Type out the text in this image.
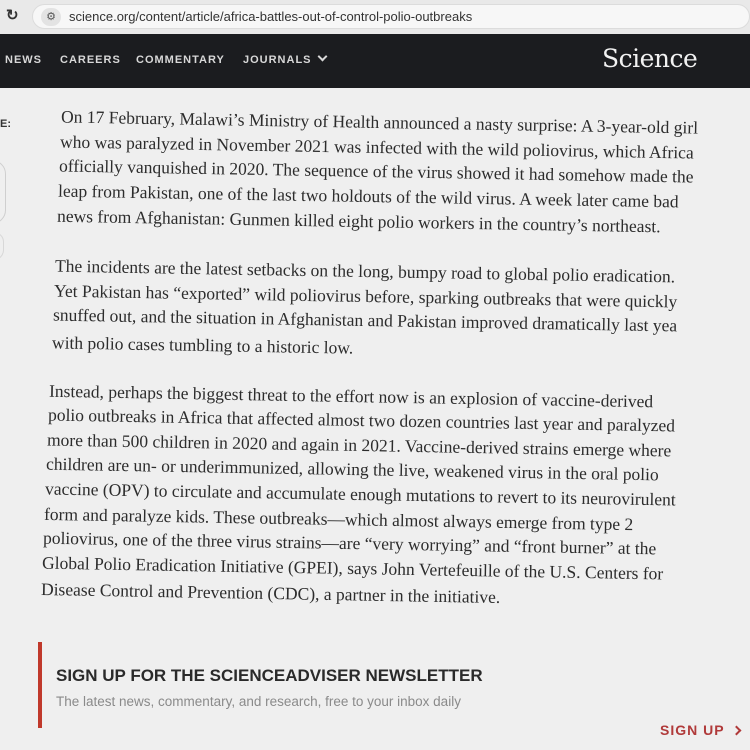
↻	⚙	science.org/content/article/africa-battles-out-of-control-polio-outbreaks
NEWS CAREERS COMMENTARY JOURNALS	Science
E:	On 17 February, Malawi’s Ministry of Health announced a nasty surprise: A 3-year-old girl
who was paralyzed in November 2021 was infected with the wild poliovirus, which Africa
officially vanquished in 2020. The sequence of the virus showed it had somehow made the
leap from Pakistan, one of the last two holdouts of the wild virus. A week later came bad
news from Afghanistan: Gunmen killed eight polio workers in the country’s northeast.
The incidents are the latest setbacks on the long, bumpy road to global polio eradication.
Yet Pakistan has “exported” wild poliovirus before, sparking outbreaks that were quickly
snuffed out, and the situation in Afghanistan and Pakistan improved dramatically last yea
with polio cases tumbling to a historic low.
Instead, perhaps the biggest threat to the effort now is an explosion of vaccine-derived
polio outbreaks in Africa that affected almost two dozen countries last year and paralyzed
more than 500 children in 2020 and again in 2021. Vaccine-derived strains emerge where
children are un- or underimmunized, allowing the live, weakened virus in the oral polio
vaccine (OPV) to circulate and accumulate enough mutations to revert to its neurovirulent
form and paralyze kids. These outbreaks—which almost always emerge from type 2
poliovirus, one of the three virus strains—are “very worrying” and “front burner” at the
Global Polio Eradication Initiative (GPEI), says John Vertefeuille of the U.S. Centers for
Disease Control and Prevention (CDC), a partner in the initiative.
SIGN UP FOR THE SCIENCEADVISER NEWSLETTER
The latest news, commentary, and research, free to your inbox daily
SIGN UP
